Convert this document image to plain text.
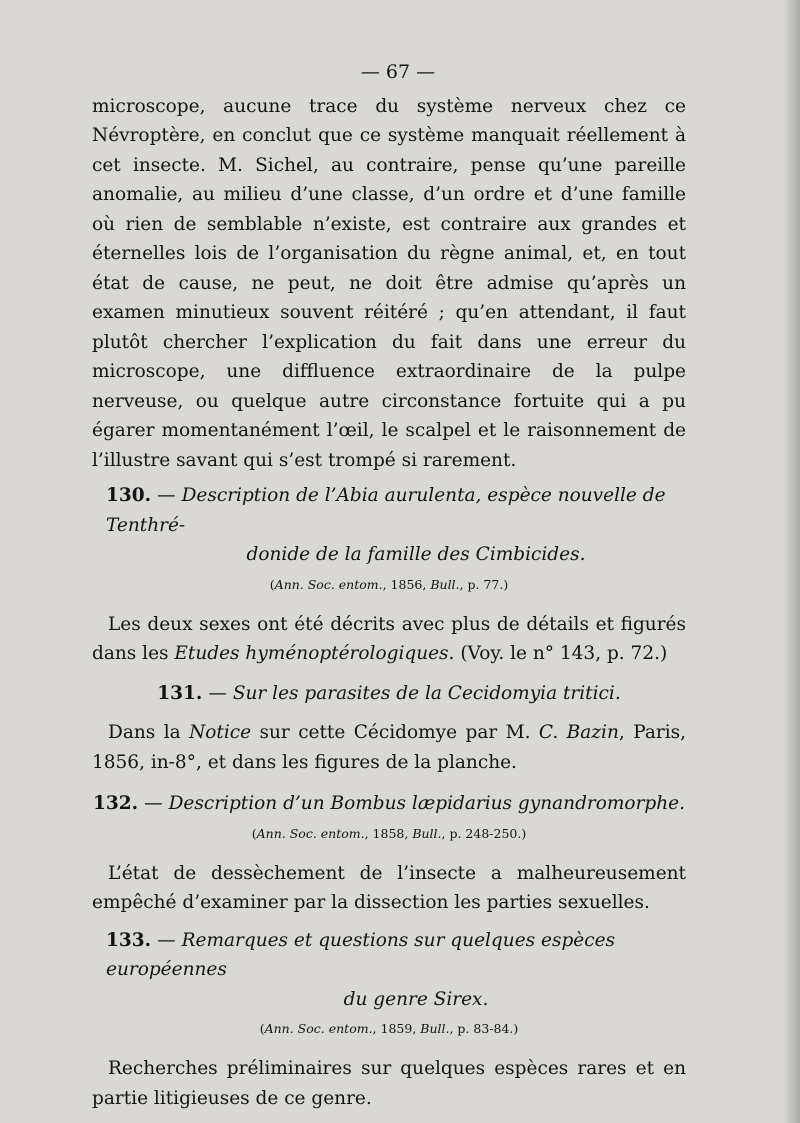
— 67 —

microscope, aucune trace du système nerveux chez ce Névroptère, en conclut que ce système manquait réellement à cet insecte. M. Sichel, au contraire, pense qu’une pareille anomalie, au milieu d’une classe, d’un ordre et d’une famille où rien de semblable n’existe, est contraire aux grandes et éternelles lois de l’organisation du règne animal, et, en tout état de cause, ne peut, ne doit être admise qu’après un examen minutieux souvent réitéré ; qu’en attendant, il faut plutôt chercher l’explication du fait dans une erreur du microscope, une diffluence extraordinaire de la pulpe nerveuse, ou quelque autre circonstance fortuite qui a pu égarer momentanément l’œil, le scalpel et le raisonnement de l’illustre savant qui s’est trompé si rarement.

130. — Description de l’Abia aurulenta, espèce nouvelle de Tenthré-
donide de la famille des Cimbicides.
(Ann. Soc. entom., 1856, Bull., p. 77.)

Les deux sexes ont été décrits avec plus de détails et figurés dans les Etudes hyménoptérologiques. (Voy. le n° 143, p. 72.)

131. — Sur les parasites de la Cecidomyia tritici.

Dans la Notice sur cette Cécidomye par M. C. Bazin, Paris, 1856, in-8°, et dans les figures de la planche.

132. — Description d’un Bombus læpidarius gynandromorphe.
(Ann. Soc. entom., 1858, Bull., p. 248-250.)

L’état de dessèchement de l’insecte a malheureusement empêché d’examiner par la dissection les parties sexuelles.

133. — Remarques et questions sur quelques espèces européennes
du genre Sirex.
(Ann. Soc. entom., 1859, Bull., p. 83-84.)

Recherches préliminaires sur quelques espèces rares et en partie litigieuses de ce genre.
